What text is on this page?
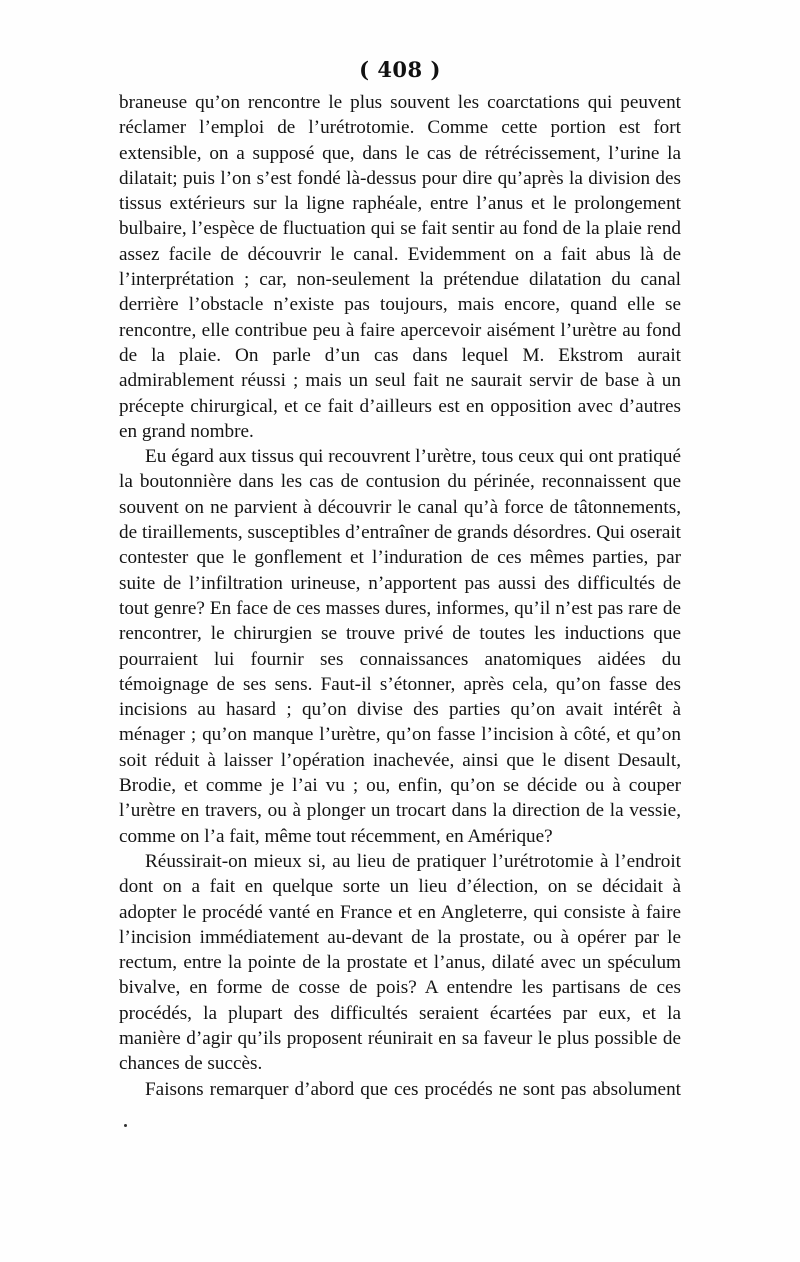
( 408 )

braneuse qu’on rencontre le plus souvent les coarctations qui peuvent réclamer l’emploi de l’urétrotomie. Comme cette portion est fort extensible, on a supposé que, dans le cas de rétrécissement, l’urine la dilatait; puis l’on s’est fondé là-dessus pour dire qu’après la division des tissus extérieurs sur la ligne raphéale, entre l’anus et le prolongement bulbaire, l’espèce de fluctuation qui se fait sentir au fond de la plaie rend assez facile de découvrir le canal. Evidemment on a fait abus là de l’interprétation ; car, non-seulement la prétendue dilatation du canal derrière l’obstacle n’existe pas toujours, mais encore, quand elle se rencontre, elle contribue peu à faire apercevoir aisément l’urètre au fond de la plaie. On parle d’un cas dans lequel M. Ekstrom aurait admirablement réussi ; mais un seul fait ne saurait servir de base à un précepte chirurgical, et ce fait d’ailleurs est en opposition avec d’autres en grand nombre.

Eu égard aux tissus qui recouvrent l’urètre, tous ceux qui ont pratiqué la boutonnière dans les cas de contusion du périnée, reconnaissent que souvent on ne parvient à découvrir le canal qu’à force de tâtonnements, de tiraillements, susceptibles d’entraîner de grands désordres. Qui oserait contester que le gonflement et l’induration de ces mêmes parties, par suite de l’infiltration urineuse, n’apportent pas aussi des difficultés de tout genre? En face de ces masses dures, informes, qu’il n’est pas rare de rencontrer, le chirurgien se trouve privé de toutes les inductions que pourraient lui fournir ses connaissances anatomiques aidées du témoignage de ses sens. Faut-il s’étonner, après cela, qu’on fasse des incisions au hasard ; qu’on divise des parties qu’on avait intérêt à ménager ; qu’on manque l’urètre, qu’on fasse l’incision à côté, et qu’on soit réduit à laisser l’opération inachevée, ainsi que le disent Desault, Brodie, et comme je l’ai vu ; ou, enfin, qu’on se décide ou à couper l’urètre en travers, ou à plonger un trocart dans la direction de la vessie, comme on l’a fait, même tout récemment, en Amérique?

Réussirait-on mieux si, au lieu de pratiquer l’urétrotomie à l’endroit dont on a fait en quelque sorte un lieu d’élection, on se décidait à adopter le procédé vanté en France et en Angleterre, qui consiste à faire l’incision immédiatement au-devant de la prostate, ou à opérer par le rectum, entre la pointe de la prostate et l’anus, dilaté avec un spéculum bivalve, en forme de cosse de pois? A entendre les partisans de ces procédés, la plupart des difficultés seraient écartées par eux, et la manière d’agir qu’ils proposent réunirait en sa faveur le plus possible de chances de succès.

Faisons remarquer d’abord que ces procédés ne sont pas absolument
